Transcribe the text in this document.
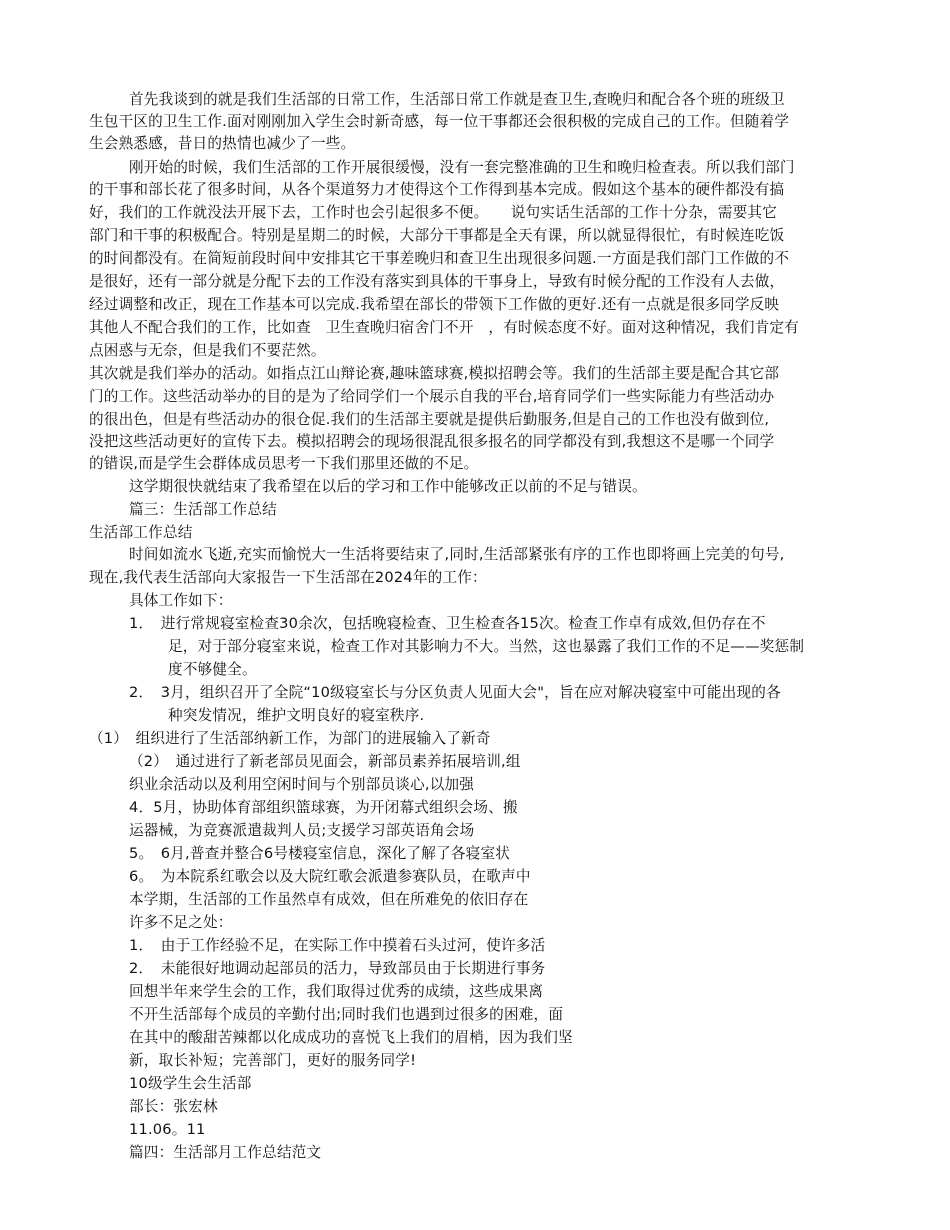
首先我谈到的就是我们生活部的日常工作，生活部日常工作就是查卫生,查晚归和配合各个班的班级卫
生包干区的卫生工作.面对刚刚加入学生会时新奇感，每一位干事都还会很积极的完成自己的工作。但随着学
生会熟悉感，昔日的热情也减少了一些。
刚开始的时候，我们生活部的工作开展很缓慢，没有一套完整准确的卫生和晚归检查表。所以我们部门
的干事和部长花了很多时间，从各个渠道努力才使得这个工作得到基本完成。假如这个基本的硬件都没有搞
好，我们的工作就没法开展下去，工作时也会引起很多不便。　　说句实话生活部的工作十分杂，需要其它
部门和干事的积极配合。特别是星期二的时候，大部分干事都是全天有课，所以就显得很忙，有时候连吃饭
的时间都没有。在简短前段时间中安排其它干事差晚归和查卫生出现很多问题.一方面是我们部门工作做的不
是很好，还有一部分就是分配下去的工作没有落实到具体的干事身上，导致有时候分配的工作没有人去做，
经过调整和改正，现在工作基本可以完成.我希望在部长的带领下工作做的更好.还有一点就是很多同学反映
其他人不配合我们的工作，比如查　卫生查晚归宿舍门不开　，有时候态度不好。面对这种情况，我们肯定有
点困惑与无奈，但是我们不要茫然。
其次就是我们举办的活动。如指点江山辩论赛,趣味篮球赛,模拟招聘会等。我们的生活部主要是配合其它部
门的工作。这些活动举办的目的是为了给同学们一个展示自我的平台,培育同学们一些实际能力有些活动办
的很出色，但是有些活动办的很仓促.我们的生活部主要就是提供后勤服务,但是自己的工作也没有做到位,
没把这些活动更好的宣传下去。模拟招聘会的现场很混乱很多报名的同学都没有到,我想这不是哪一个同学
的错误,而是学生会群体成员思考一下我们那里还做的不足。
这学期很快就结束了我希望在以后的学习和工作中能够改正以前的不足与错误。
篇三：生活部工作总结
生活部工作总结
时间如流水飞逝,充实而愉悦大一生活将要结束了,同时,生活部紧张有序的工作也即将画上完美的句号,
现在,我代表生活部向大家报告一下生活部在2024年的工作：
具体工作如下：
1．　进行常规寝室检查30余次，包括晚寝检查、卫生检查各15次。检查工作卓有成效,但仍存在不
足，对于部分寝室来说，检查工作对其影响力不大。当然，这也暴露了我们工作的不足——奖惩制
度不够健全。
2．　3月，组织召开了全院“10级寝室长与分区负责人见面大会"，旨在应对解决寝室中可能出现的各
种突发情况，维护文明良好的寝室秩序.
（1）　组织进行了生活部纳新工作，为部门的进展输入了新奇
（2）　通过进行了新老部员见面会，新部员素养拓展培训,组
织业余活动以及利用空闲时间与个别部员谈心,以加强
4．5月，协助体育部组织篮球赛，为开闭幕式组织会场、搬
运器械，为竞赛派遣裁判人员;支援学习部英语角会场
5。　6月,普查并整合6号楼寝室信息，深化了解了各寝室状
6。　为本院系红歌会以及大院红歌会派遣参赛队员，在歌声中
本学期，生活部的工作虽然卓有成效，但在所难免的依旧存在
许多不足之处：
1．　由于工作经验不足，在实际工作中摸着石头过河，使许多活
2．　未能很好地调动起部员的活力，导致部员由于长期进行事务
回想半年来学生会的工作，我们取得过优秀的成绩，这些成果离
不开生活部每个成员的辛勤付出;同时我们也遇到过很多的困难，面
在其中的酸甜苦辣都以化成成功的喜悦飞上我们的眉梢，因为我们坚
新，取长补短；完善部门，更好的服务同学!
10级学生会生活部
部长：张宏林
11.06。11
篇四：生活部月工作总结范文
